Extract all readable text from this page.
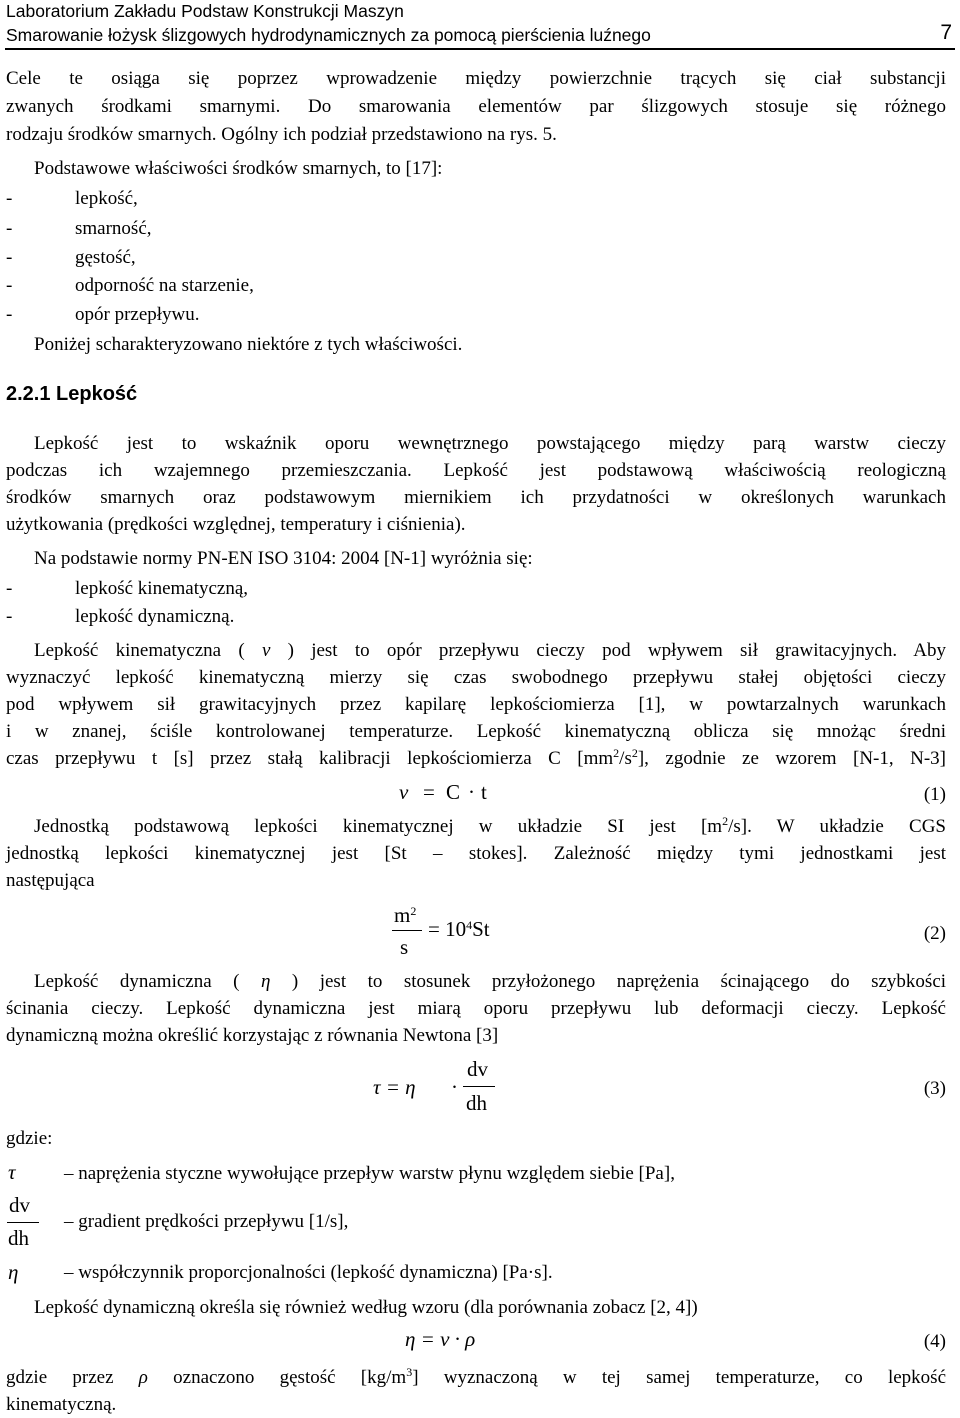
Laboratorium Zakładu Podstaw Konstrukcji Maszyn
Smarowanie łożysk ślizgowych hydrodynamicznych za pomocą pierścienia luźnego	7
Cele te osiąga się poprzez wprowadzenie między powierzchnie trących się ciał substancji
zwanych środkami smarnymi. Do smarowania elementów par ślizgowych stosuje się różnego
rodzaju środków smarnych. Ogólny ich podział przedstawiono na rys. 5.
Podstawowe właściwości środków smarnych, to [17]:
-	lepkość,
-	smarność,
-	gęstość,
-	odporność na starzenie,
-	opór przepływu.
Poniżej scharakteryzowano niektóre z tych właściwości.
2.2.1 Lepkość
Lepkość jest to wskaźnik oporu wewnętrznego powstającego między parą warstw cieczy
podczas ich wzajemnego przemieszczania. Lepkość jest podstawową właściwością reologiczną
środków smarnych oraz podstawowym miernikiem ich przydatności w określonych warunkach
użytkowania (prędkości względnej, temperatury i ciśnienia).
Na podstawie normy PN-EN ISO 3104: 2004 [N-1] wyróżnia się:
-	lepkość kinematyczną,
-	lepkość dynamiczną.
Lepkość kinematyczna ( ν ) jest to opór przepływu cieczy pod wpływem sił grawitacyjnych. Aby
wyznaczyć lepkość kinematyczną mierzy się czas swobodnego przepływu stałej objętości cieczy
pod wpływem sił grawitacyjnych przez kapilarę lepkościomierza [1], w powtarzalnych warunkach
i w znanej, ściśle kontrolowanej temperaturze. Lepkość kinematyczną oblicza się mnożąc średni
czas przepływu t [s] przez stałą kalibracji lepkościomierza C $[mm^2/s^2]$, zgodnie ze wzorem [N-1, N-3]
v = C · t	(1)
Jednostką podstawową lepkości kinematycznej w układzie SI jest $[m^2/s]$. W układzie CGS
jednostką lepkości kinematycznej jest [St – stokes]. Zależność między tymi jednostkami jest
następująca
$m^2$
s
= $10^4St$	(2)
Lepkość dynamiczna ( η ) jest to stosunek przyłożonego naprężenia ścinającego do szybkości
ścinania cieczy. Lepkość dynamiczna jest miarą oporu przepływu lub deformacji cieczy. Lepkość
dynamiczną można określić korzystając z równania Newtona [3]
τ = η ·
dv
dh
(3)
gdzie:
τ	– naprężenia styczne wywołujące przepływ warstw płynu względem siebie [Pa],
dv
dh
– gradient prędkości przepływu [1/s],
η – współczynnik proporcjonalności (lepkość dynamiczna) [Pa·s].
Lepkość dynamiczną określa się również według wzoru (dla porównania zobacz [2, 4])
η = ν · ρ	(4)
gdzie przez ρ oznaczono gęstość $[kg/m^3]$ wyznaczoną w tej samej temperaturze, co lepkość
kinematyczną.
